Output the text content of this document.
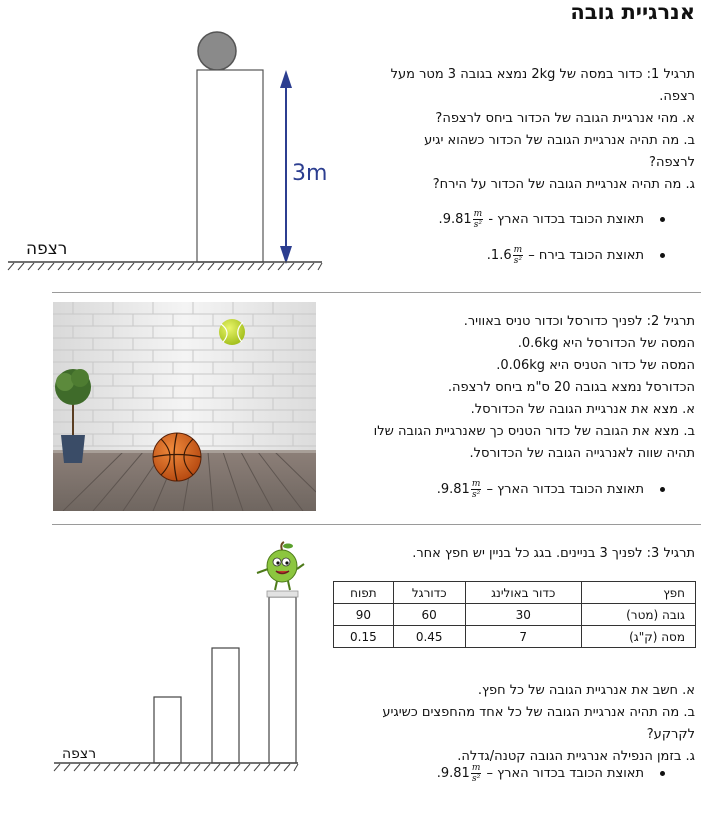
אנרגיית גובה
3m
רצפה
תרגיל 1: כדור במסה של 2kg נמצא בגובה 3 מטר מעל
רצפה.
א. מהי אנרגיית הגובה של הכדור ביחס לרצפה?
ב. מה תהיה אנרגיית הגובה של הכדור כשהוא יגיע
לרצפה?
ג. מה תהיה אנרגיית הגובה של הכדור על הירח?
תאוצת הכובד בכדור הארץ - $.9.81 \frac{m}{\text{s²}}$
תאוצת הכובד בירח – $.1.6 \frac{m}{\text{s²}}$
תרגיל 2: לפניך כדורסל וכדור טניס באוויר.
המסה של הכדורסל היא 0.6kg.
המסה של כדור הטניס היא 0.06kg.
הכדורסל נמצא בגובה 20 ס"מ ביחס לרצפה.
א. מצא את אנרגיית הגובה של הכדורסל.
ב. מצא את הגובה של כדור הטניס כך שאנרגיית הגובה שלו
תהיה שווה לאנרגייה הגובה של הכדורסל.
תאוצת הכובד בכדור הארץ – $.9.81 \frac{m}{\text{s²}}$
רצפה
תרגיל 3: לפניך 3 בניינים. בגג כל בניין יש חפץ אחר.
חפץ	כדור באולינג	כדורגל	תפוח
גובה (מטר)	30	60	90
מסה (ק"ג)	7	0.45	0.15
א. חשב את אנרגיית הגובה של כל חפץ.
ב. מה תהיה אנרגיית הגובה של כל אחד מהחפצים כשיגיע
לקרקע?
ג. בזמן הנפילה אנרגיית הגובה קטנה/גדלה.
תאוצת הכובד בכדור הארץ – $.9.81 \frac{m}{\text{s²}}$
